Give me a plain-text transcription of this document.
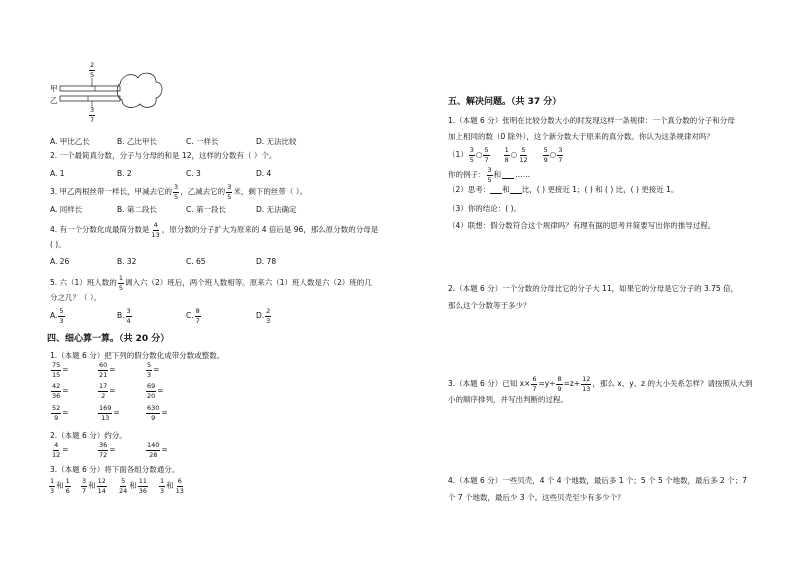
$\frac{2}{5}$
甲
乙
$\frac{3}{7}$
A. 甲比乙长	B. 乙比甲长	C. 一样长	D. 无法比较
2. 一个最简真分数，分子与分母的和是 12，这样的分数有（ ）个。
A. 1	B. 2	C. 3	D. 4
3. 甲乙两根丝带一样长，甲减去它的 $\frac{3}{5}$ ，乙减去它的 $\frac{3}{5}$ 米，剩下的丝带（ ）。
A. 同样长	B. 第二段长	C. 第一段长	D. 无法确定
4. 有一个分数化成最简分数是 $\frac{4}{13}$ ，原分数的分子扩大为原来的 4 倍后是 96，那么原分数的分母是
( )。
A. 26	B. 32	C. 65	D. 78
5. 六（1）班人数的 $\frac{1}{5}$ 调入六（2）班后，两个班人数相等。原来六（1）班人数是六（2）班的几
分之几？（ ）。
A. $\frac{5}{3}$	B. $\frac{3}{4}$	C. $\frac{8}{7}$	D. $\frac{2}{3}$
四、细心算一算。（共 20 分）
1.（本题 6 分）把下列的假分数化成带分数或整数。
$\frac{75}{15}$ =	$\frac{60}{21}$ =	$\frac{5}{3}$ =
$\frac{42}{36}$ =	$\frac{17}{2}$ =	$\frac{69}{20}$ =
$\frac{52}{9}$ =	$\frac{169}{13}$ =	$\frac{630}{9}$ =
2.（本题 6 分）约分。
$\frac{4}{12}$ =	$\frac{36}{72}$ =	$\frac{140}{28}$ =
3.（本题 6 分）将下面各组分数通分。
$\frac{1}{3}$ 和 $\frac{1}{6} \frac{3}{7}$ 和 $\frac{12}{14} \frac{5}{24}$ 和 $\frac{11}{36} \frac{1}{3}$ 和 $\frac{6}{13}$
五、解决问题。（共 37 分）
1.（本题 6 分）张明在比较分数大小的时发现这样一条规律：一个真分数的分子和分母
加上相同的数（0 除外），这个新分数大于原来的真分数。你认为这条规律对吗？
$(1) \frac{3}{5}$ ○ $\frac{5}{7} \frac{1}{8}$ ○ $\frac{5}{12} \frac{5}{9}$ ○ $\frac{3}{7}$
你的例子： $\frac{3}{5}$ 和 ……
（2）思考： 和 比，( ) 更接近 1；( ) 和 ( ) 比，( ) 更接近 1。
（3）你的结论：( )。
（4）联想：假分数符合这个规律吗？有理有据的思考并简要写出你的推导过程。
2.（本题 6 分）一个分数的分母比它的分子大 11，如果它的分母是它分子的 3.75 倍，
那么这个分数等于多少？
3.（本题 6 分）已知 $x\times \frac{6}{7} =y\div \frac{8}{9} =z+ \frac{12}{13}$ ，那么 x、y、z 的大小关系怎样？请按照从大到
小的顺序排列，并写出判断的过程。
4.（本题 6 分）一些贝壳，4 个 4 个地数，最后多 1 个；5 个 5 个地数，最后多 2 个；7
个 7 个地数，最后少 3 个。这些贝壳至少有多少个？
